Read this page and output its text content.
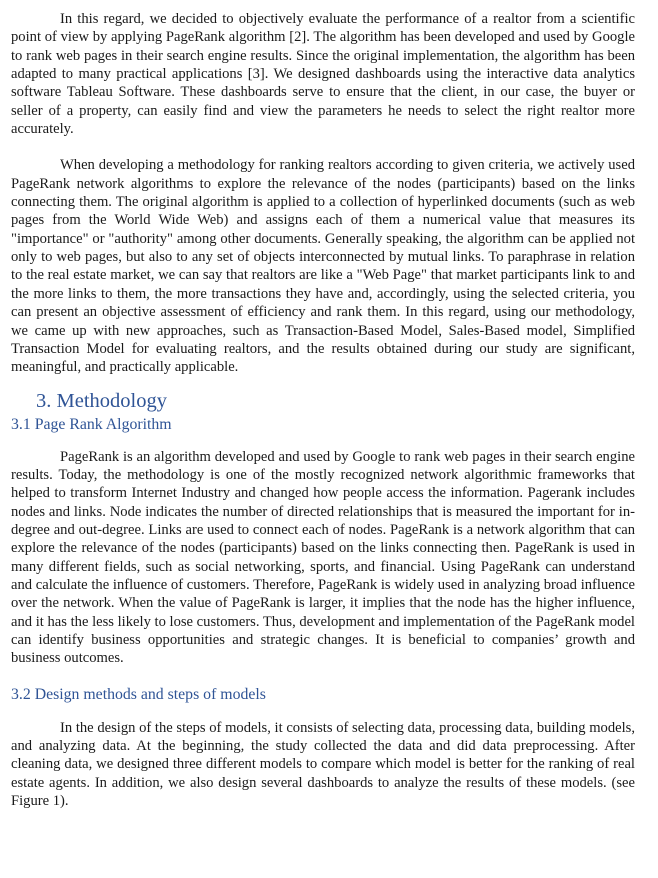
In this regard, we decided to objectively evaluate the performance of a realtor from a scientific point of view by applying PageRank algorithm [2]. The algorithm has been developed and used by Google to rank web pages in their search engine results. Since the original implementation, the algorithm has been adapted to many practical applications [3]. We designed dashboards using the interactive data analytics software Tableau Software. These dashboards serve to ensure that the client, in our case, the buyer or seller of a property, can easily find and view the parameters he needs to select the right realtor more accurately.

When developing a methodology for ranking realtors according to given criteria, we actively used PageRank network algorithms to explore the relevance of the nodes (participants) based on the links connecting them. The original algorithm is applied to a collection of hyperlinked documents (such as web pages from the World Wide Web) and assigns each of them a numerical value that measures its "importance" or "authority" among other documents. Generally speaking, the algorithm can be applied not only to web pages, but also to any set of objects interconnected by mutual links. To paraphrase in relation to the real estate market, we can say that realtors are like a "Web Page" that market participants link to and the more links to them, the more transactions they have and, accordingly, using the selected criteria, you can present an objective assessment of efficiency and rank them. In this regard, using our methodology, we came up with new approaches, such as Transaction-Based Model, Sales-Based model, Simplified Transaction Model for evaluating realtors, and the results obtained during our study are significant, meaningful, and practically applicable.

3. Methodology
3.1 Page Rank Algorithm

PageRank is an algorithm developed and used by Google to rank web pages in their search engine results. Today, the methodology is one of the mostly recognized network algorithmic frameworks that helped to transform Internet Industry and changed how people access the information. Pagerank includes nodes and links. Node indicates the number of directed relationships that is measured the important for in-degree and out-degree. Links are used to connect each of nodes. PageRank is a network algorithm that can explore the relevance of the nodes (participants) based on the links connecting then. PageRank is used in many different fields, such as social networking, sports, and financial. Using PageRank can understand and calculate the influence of customers. Therefore, PageRank is widely used in analyzing broad influence over the network. When the value of PageRank is larger, it implies that the node has the higher influence, and it has the less likely to lose customers. Thus, development and implementation of the PageRank model can identify business opportunities and strategic changes. It is beneficial to companies’ growth and business outcomes.

3.2 Design methods and steps of models

In the design of the steps of models, it consists of selecting data, processing data, building models, and analyzing data. At the beginning, the study collected the data and did data preprocessing. After cleaning data, we designed three different models to compare which model is better for the ranking of real estate agents. In addition, we also design several dashboards to analyze the results of these models. (see Figure 1).
